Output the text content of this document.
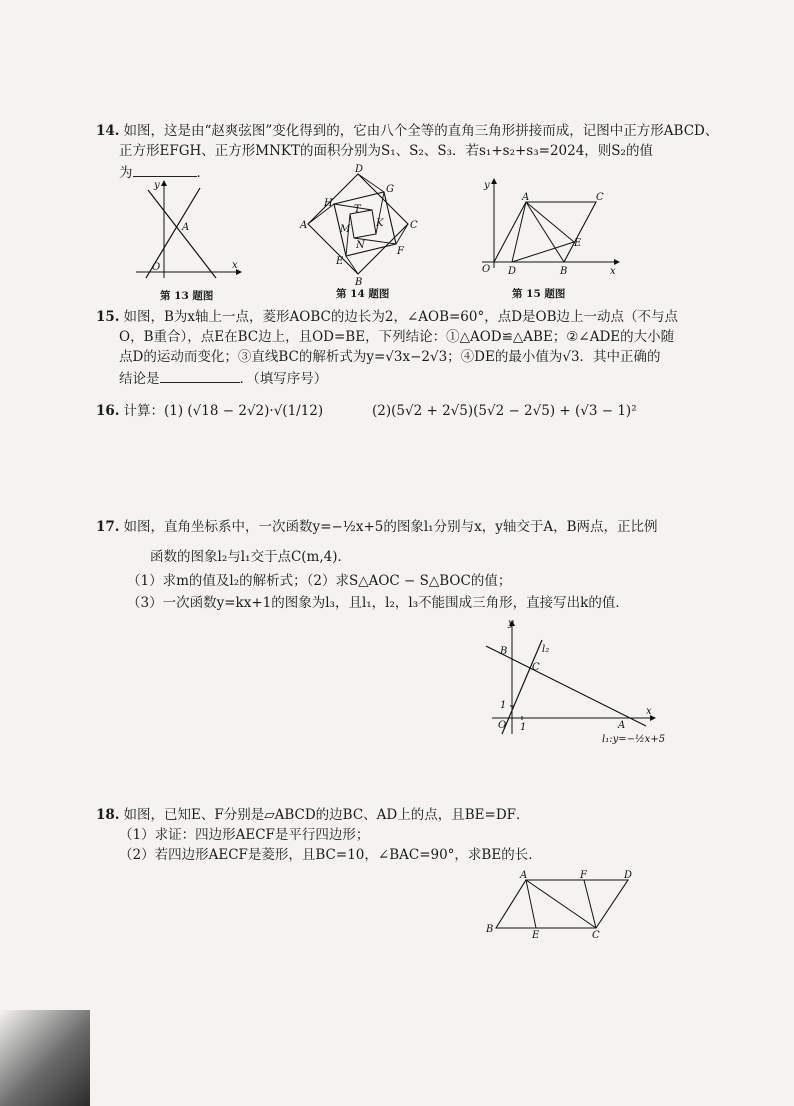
14. 如图，这是由“赵爽弦图”变化得到的，它由八个全等的直角三角形拼接而成，记图中正方形ABCD、
正方形EFGH、正方形MNKT的面积分别为S₁、S₂、S₃．若s₁+s₂+s₃=2024，则S₂的值
为	．
y
x
O
A
第 13 题图
A
B
C
D
E
F
G
H
M
N
K
T
第 14 题图
y
x
O
A
B
C
D
E
第 15 题图
15. 如图，B为x轴上一点，菱形AOBC的边长为2，∠AOB=60°，点D是OB边上一动点（不与点
O，B重合），点E在BC边上，且OD=BE，下列结论：①△AOD≌△ABE；②∠ADE的大小随
点D的运动而变化；③直线BC的解析式为y=√3x−2√3；④DE的最小值为√3．其中正确的
结论是	．（填写序号）
16. 计算：(1) (√18 − 2√2)·√(1/12)	(2)(5√2 + 2√5)(5√2 − 2√5) + (√3 − 1)²
17. 如图，直角坐标系中，一次函数y=−½x+5的图象l₁分别与x，y轴交于A，B两点，正比例
函数的图象l₂与l₁交于点C(m,4)．
（1）求m的值及l₂的解析式；（2）求S△AOC − S△BOC的值；
（3）一次函数y=kx+1的图象为l₃，且l₁，l₂，l₃不能围成三角形，直接写出k的值．
y
x
O 1
1
A
B
C
l₂
l₁:y=−½x+5
18. 如图，已知E、F分别是▱ABCD的边BC、AD上的点，且BE=DF．
（1）求证：四边形AECF是平行四边形；
（2）若四边形AECF是菱形，且BC=10，∠BAC=90°，求BE的长．
A
B
C
D
E
F
